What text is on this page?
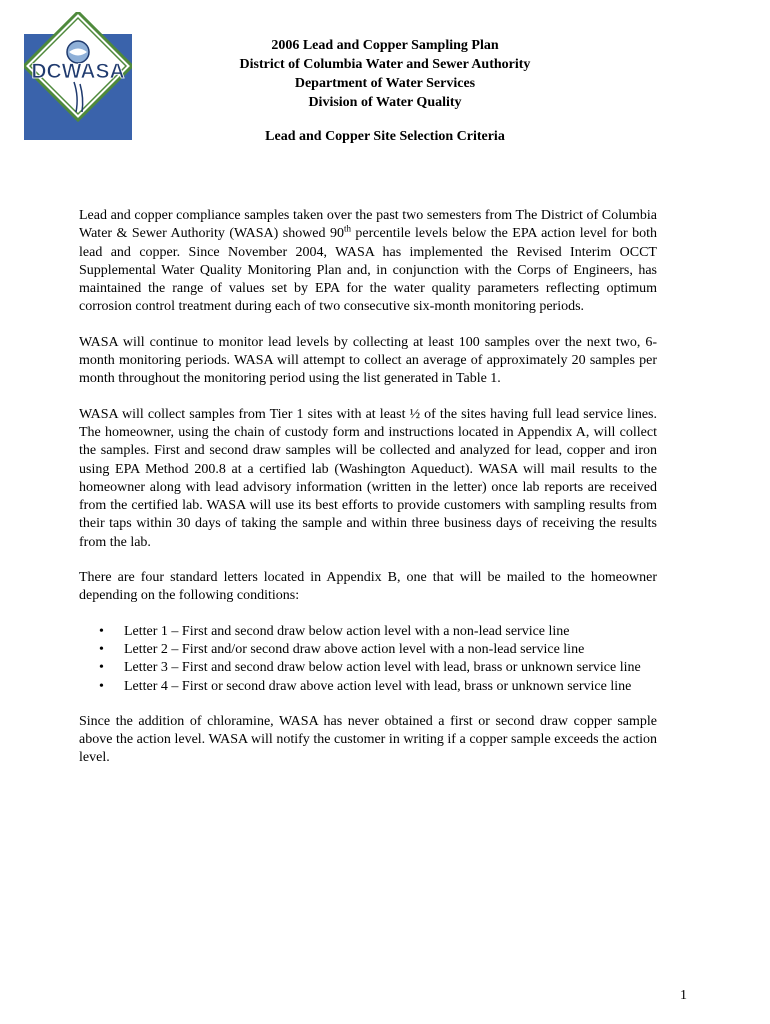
DCWASA
2006 Lead and Copper Sampling Plan
District of Columbia Water and Sewer Authority
Department of Water Services
Division of Water Quality
Lead and Copper Site Selection Criteria

Lead and copper compliance samples taken over the past two semesters from The District of Columbia Water & Sewer Authority (WASA) showed 90th percentile levels below the EPA action level for both lead and copper. Since November 2004, WASA has implemented the Revised Interim OCCT Supplemental Water Quality Monitoring Plan and, in conjunction with the Corps of Engineers, has maintained the range of values set by EPA for the water quality parameters reflecting optimum corrosion control treatment during each of two consecutive six-month monitoring periods.

WASA will continue to monitor lead levels by collecting at least 100 samples over the next two, 6-month monitoring periods. WASA will attempt to collect an average of approximately 20 samples per month throughout the monitoring period using the list generated in Table 1.

WASA will collect samples from Tier 1 sites with at least ½ of the sites having full lead service lines. The homeowner, using the chain of custody form and instructions located in Appendix A, will collect the samples. First and second draw samples will be collected and analyzed for lead, copper and iron using EPA Method 200.8 at a certified lab (Washington Aqueduct). WASA will mail results to the homeowner along with lead advisory information (written in the letter) once lab reports are received from the certified lab. WASA will use its best efforts to provide customers with sampling results from their taps within 30 days of taking the sample and within three business days of receiving the results from the lab.

There are four standard letters located in Appendix B, one that will be mailed to the homeowner depending on the following conditions:

• Letter 1 – First and second draw below action level with a non-lead service line
• Letter 2 – First and/or second draw above action level with a non-lead service line
• Letter 3 – First and second draw below action level with lead, brass or unknown service line
• Letter 4 – First or second draw above action level with lead, brass or unknown service line

Since the addition of chloramine, WASA has never obtained a first or second draw copper sample above the action level. WASA will notify the customer in writing if a copper sample exceeds the action level.

1
